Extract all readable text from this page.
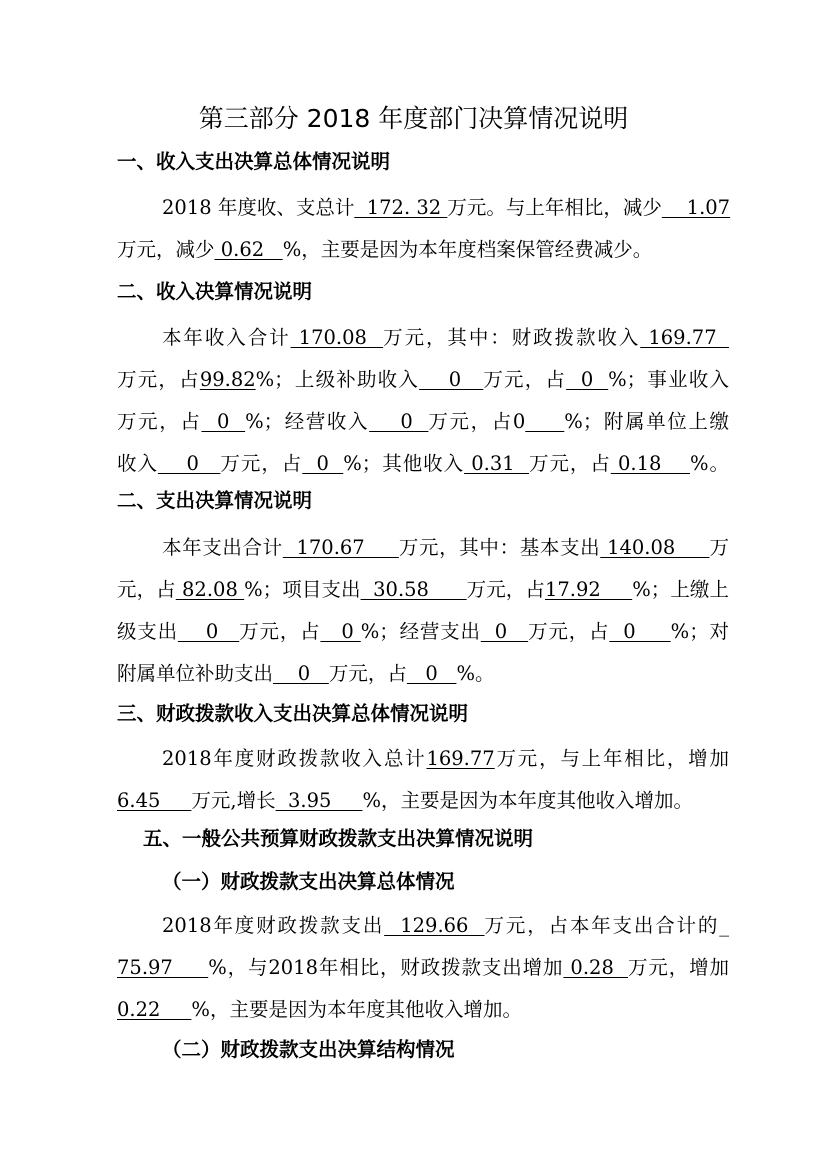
第三部分 2018 年度部门决算情况说明
一、收入支出决算总体情况说明
2018 年度收、支总计  172. 32 万元。与上年相比，减少    1.07
万元，减少 0.62   %，主要是因为本年度档案保管经费减少。
二、收入决算情况说明
本年收入合计 170.08  万元，其中：财政拨款收入 169.77
万元，占99.82%；上级补助收入    0   万元，占  0  %；事业收入
万元，占  0  %；经营收入    0  万元，占0 %；附属单位上缴
收入    0   万元，占  0  %；其他收入 0.31  万元，占 0.18    %。
二、支出决算情况说明
本年支出合计  170.67     万元，其中：基本支出 140.08     万
元，占 82.08 %；项目支出  30.58      万元，占17.92     %；上缴上
级支出    0   万元，占   0 %；经营支出  0   万元，占  0     %；对
附属单位补助支出    0   万元，占   0   %。
三、财政拨款收入支出决算总体情况说明
2018年度财政拨款收入总计169.77万元，与上年相比，增加
6.45     万元,增长  3.95     %，主要是因为本年度其他收入增加。
五、一般公共预算财政拨款支出决算情况说明
（一）财政拨款支出决算总体情况
2018年度财政拨款支出  129.66  万元，占本年支出合计的_
75.97     %，与2018年相比，财政拨款支出增加 0.28  万元，增加
0.22     %，主要是因为本年度其他收入增加。
（二）财政拨款支出决算结构情况
